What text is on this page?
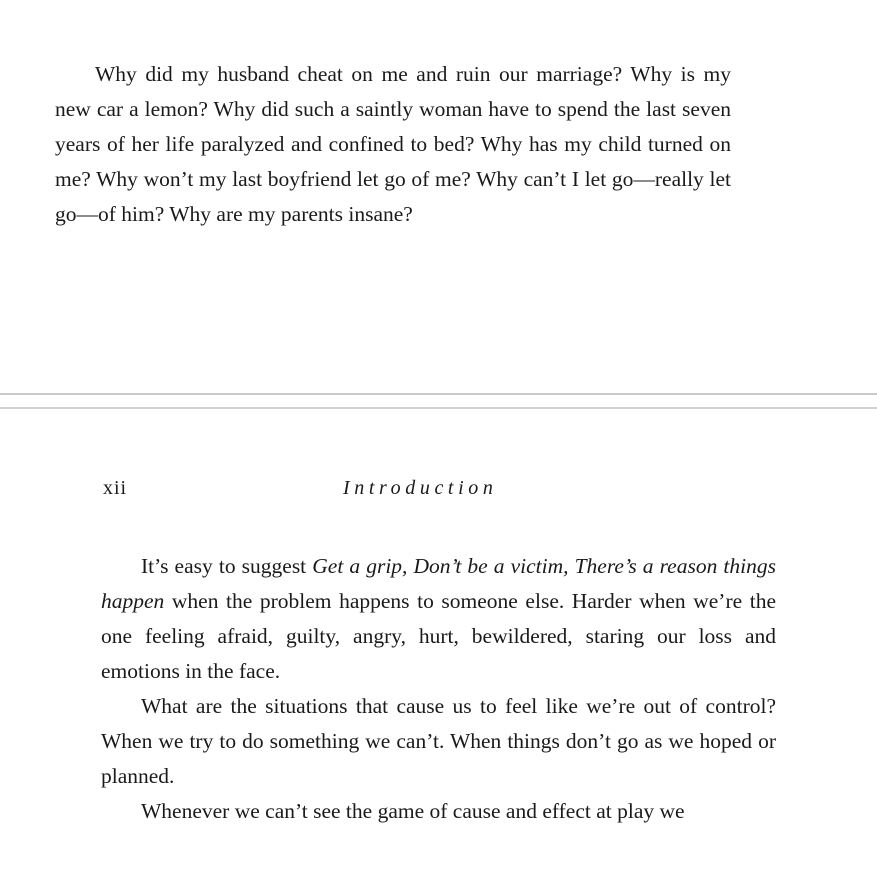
Why did my husband cheat on me and ruin our marriage? Why is my new car a lemon? Why did such a saintly woman have to spend the last seven years of her life paralyzed and confined to bed? Why has my child turned on me? Why won’t my last boyfriend let go of me? Why can’t I let go—really let go—of him? Why are my parents insane?

xii	Introduction

It’s easy to suggest Get a grip, Don’t be a victim, There’s a reason things happen when the problem happens to someone else. Harder when we’re the one feeling afraid, guilty, angry, hurt, bewildered, staring our loss and emotions in the face.

What are the situations that cause us to feel like we’re out of control? When we try to do something we can’t. When things don’t go as we hoped or planned.

Whenever we can’t see the game of cause and effect at play we
